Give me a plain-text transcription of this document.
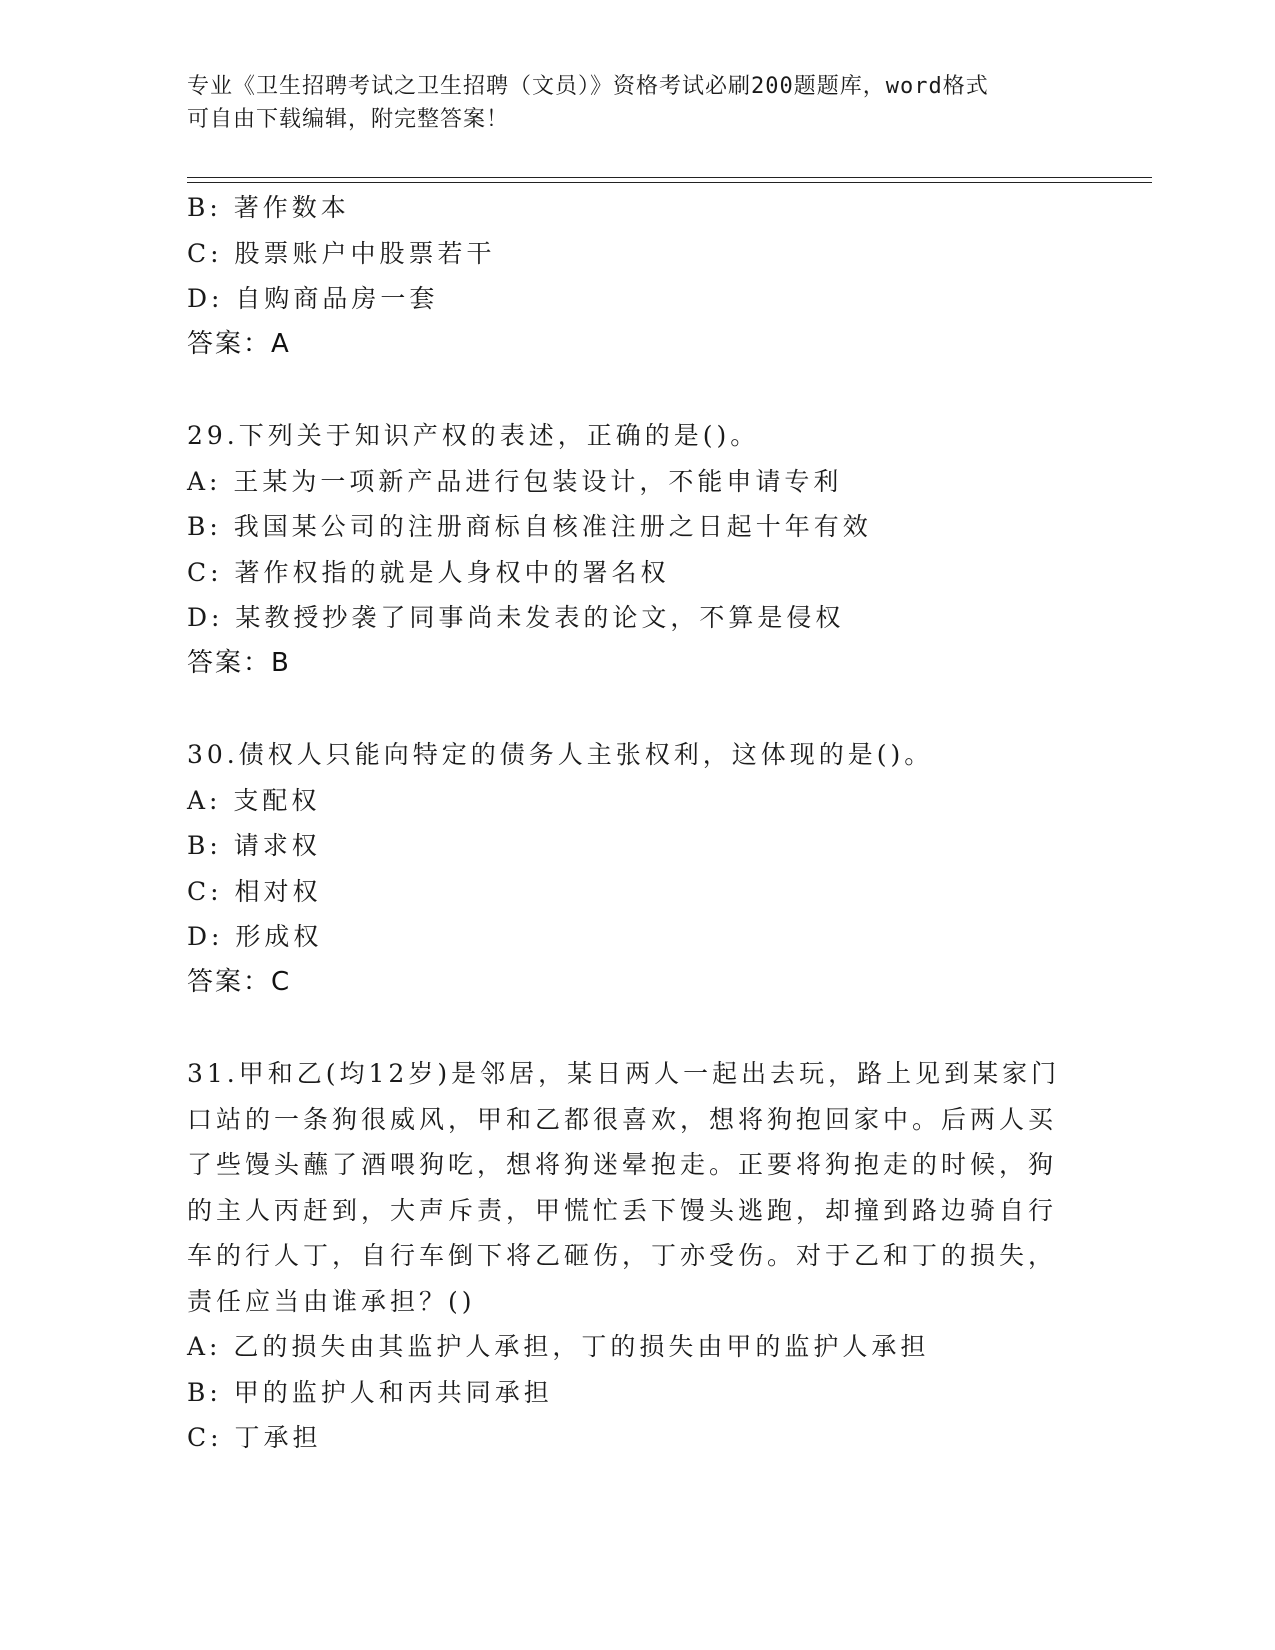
专业《卫生招聘考试之卫生招聘（文员）》资格考试必刷200题题库，word格式
可自由下载编辑，附完整答案！
B: 著作数本
C: 股票账户中股票若干
D: 自购商品房一套
答案：A
29.下列关于知识产权的表述，正确的是()。
A: 王某为一项新产品进行包装设计，不能申请专利
B: 我国某公司的注册商标自核准注册之日起十年有效
C: 著作权指的就是人身权中的署名权
D: 某教授抄袭了同事尚未发表的论文，不算是侵权
答案：B
30.债权人只能向特定的债务人主张权利，这体现的是()。
A: 支配权
B: 请求权
C: 相对权
D: 形成权
答案：C
31.甲和乙(均12岁)是邻居，某日两人一起出去玩，路上见到某家门
口站的一条狗很威风，甲和乙都很喜欢，想将狗抱回家中。后两人买
了些馒头蘸了酒喂狗吃，想将狗迷晕抱走。正要将狗抱走的时候，狗
的主人丙赶到，大声斥责，甲慌忙丢下馒头逃跑，却撞到路边骑自行
车的行人丁，自行车倒下将乙砸伤，丁亦受伤。对于乙和丁的损失，
责任应当由谁承担？()
A: 乙的损失由其监护人承担，丁的损失由甲的监护人承担
B: 甲的监护人和丙共同承担
C: 丁承担
